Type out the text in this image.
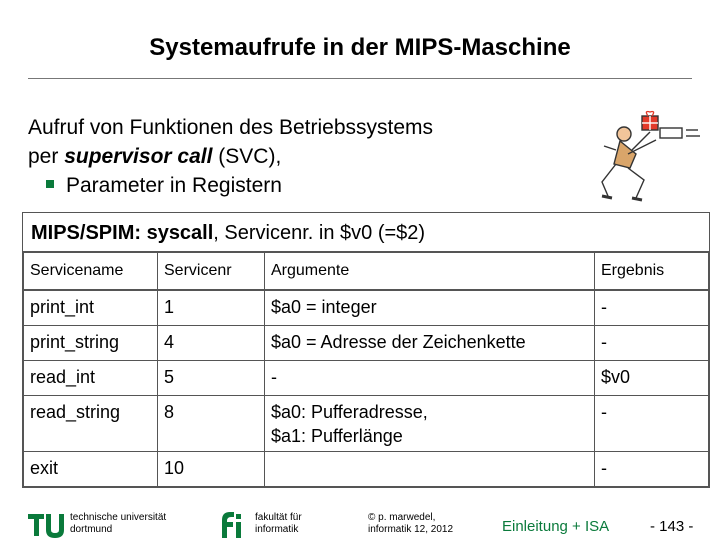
Systemaufrufe in der MIPS-Maschine
Aufruf von Funktionen des Betriebssystems
per supervisor call (SVC),
Parameter in Registern
MIPS/SPIM: syscall, Servicenr. in $v0 (=$2)
Servicename	Servicenr	Argumente	Ergebnis
print_int	1	$a0 = integer	-
print_string	4	$a0 = Adresse der Zeichenkette	-
read_int	5	-	$v0
read_string	8	$a0: Pufferadresse,
$a1: Pufferlänge	-
exit	10		-
technische universität
dortmund
fakultät für
informatik
© p. marwedel,
informatik 12, 2012	Einleitung + ISA	- 143 -
